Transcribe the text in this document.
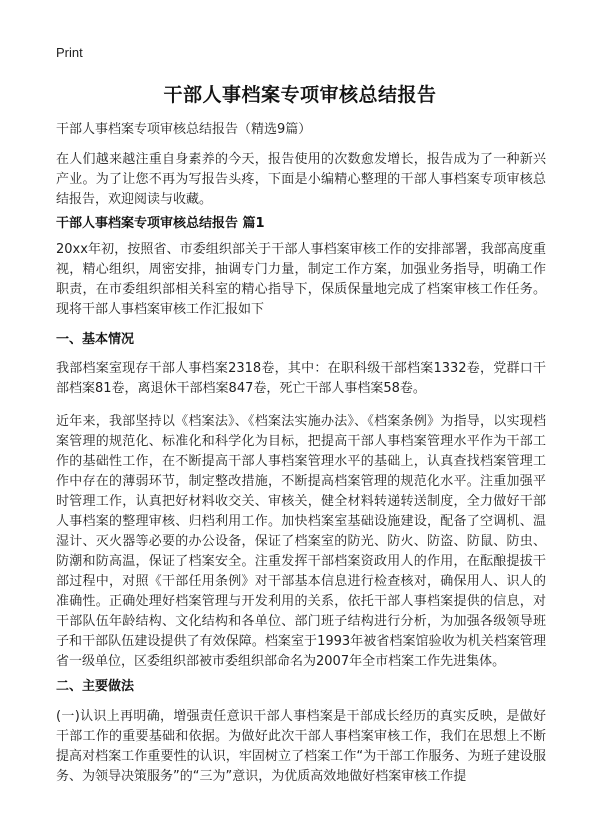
Print
干部人事档案专项审核总结报告
干部人事档案专项审核总结报告（精选9篇）
在人们越来越注重自身素养的今天，报告使用的次数愈发增长，报告成为了一种新兴产业。为了让您不再为写报告头疼，下面是小编精心整理的干部人事档案专项审核总结报告，欢迎阅读与收藏。
干部人事档案专项审核总结报告 篇1
20xx年初，按照省、市委组织部关于干部人事档案审核工作的安排部署，我部高度重视，精心组织，周密安排，抽调专门力量，制定工作方案，加强业务指导，明确工作职责，在市委组织部相关科室的精心指导下，保质保量地完成了档案审核工作任务。现将干部人事档案审核工作汇报如下
一、基本情况
我部档案室现存干部人事档案2318卷，其中：在职科级干部档案1332卷，党群口干部档案81卷，离退休干部档案847卷，死亡干部人事档案58卷。
近年来，我部坚持以《档案法》、《档案法实施办法》、《档案条例》为指导，以实现档案管理的规范化、标准化和科学化为目标，把提高干部人事档案管理水平作为干部工作的基础性工作，在不断提高干部人事档案管理水平的基础上，认真查找档案管理工作中存在的薄弱环节，制定整改措施，不断提高档案管理的规范化水平。注重加强平时管理工作，认真把好材料收交关、审核关，健全材料转递转送制度，全力做好干部人事档案的整理审核、归档利用工作。加快档案室基础设施建设，配备了空调机、温湿计、灭火器等必要的办公设备，保证了档案室的防光、防火、防盗、防鼠、防虫、防潮和防高温，保证了档案安全。注重发挥干部档案资政用人的作用，在酝酿提拔干部过程中，对照《干部任用条例》对干部基本信息进行检查核对，确保用人、识人的准确性。正确处理好档案管理与开发利用的关系，依托干部人事档案提供的信息，对干部队伍年龄结构、文化结构和各单位、部门班子结构进行分析，为加强各级领导班子和干部队伍建设提供了有效保障。档案室于1993年被省档案馆验收为机关档案管理省一级单位，区委组织部被市委组织部命名为2007年全市档案工作先进集体。
二、主要做法
(一)认识上再明确，增强责任意识干部人事档案是干部成长经历的真实反映，是做好干部工作的重要基础和依据。为做好此次干部人事档案审核工作，我们在思想上不断提高对档案工作重要性的认识，牢固树立了档案工作“为干部工作服务、为班子建设服务、为领导决策服务”的“三为”意识，为优质高效地做好档案审核工作提
